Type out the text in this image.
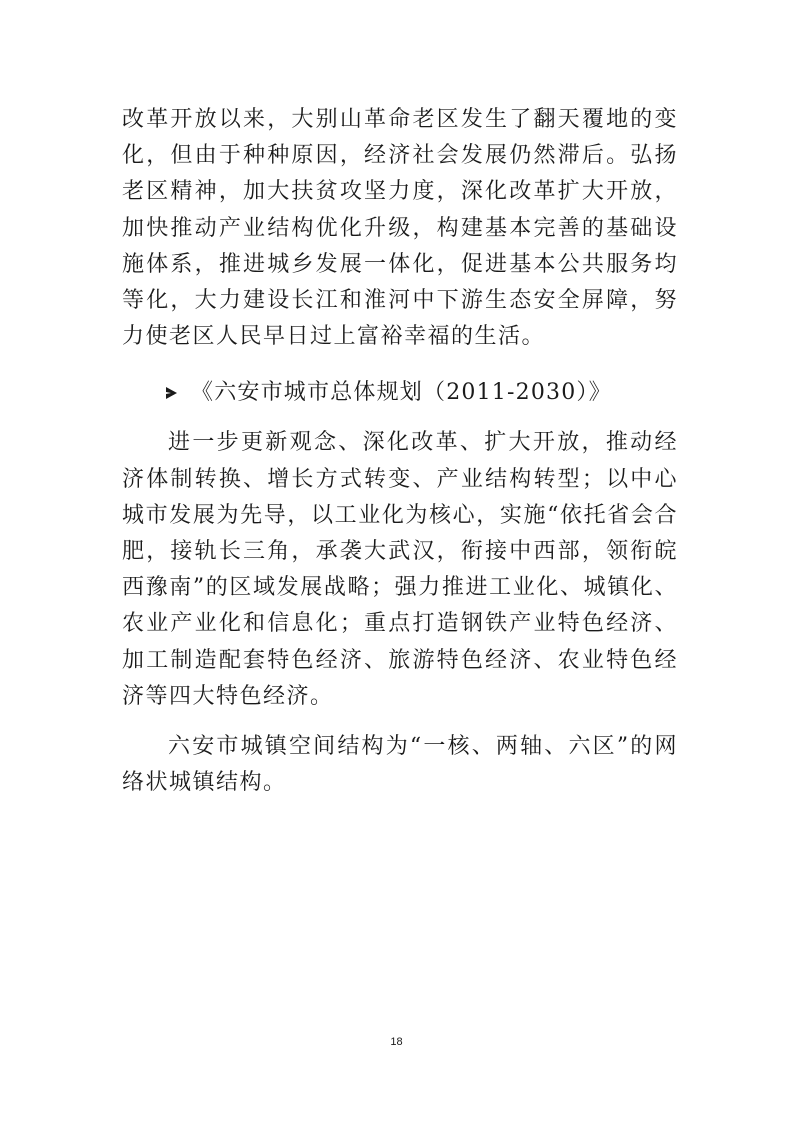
改革开放以来，大别山革命老区发生了翻天覆地的变化，但由于种种原因，经济社会发展仍然滞后。弘扬老区精神，加大扶贫攻坚力度，深化改革扩大开放，加快推动产业结构优化升级，构建基本完善的基础设施体系，推进城乡发展一体化，促进基本公共服务均等化，大力建设长江和淮河中下游生态安全屏障，努力使老区人民早日过上富裕幸福的生活。

《六安市城市总体规划（2011-2030）》

进一步更新观念、深化改革、扩大开放，推动经济体制转换、增长方式转变、产业结构转型；以中心城市发展为先导，以工业化为核心，实施“依托省会合肥，接轨长三角，承袭大武汉，衔接中西部，领衔皖西豫南”的区域发展战略；强力推进工业化、城镇化、农业产业化和信息化；重点打造钢铁产业特色经济、加工制造配套特色经济、旅游特色经济、农业特色经济等四大特色经济。

六安市城镇空间结构为“一核、两轴、六区”的网络状城镇结构。

18
